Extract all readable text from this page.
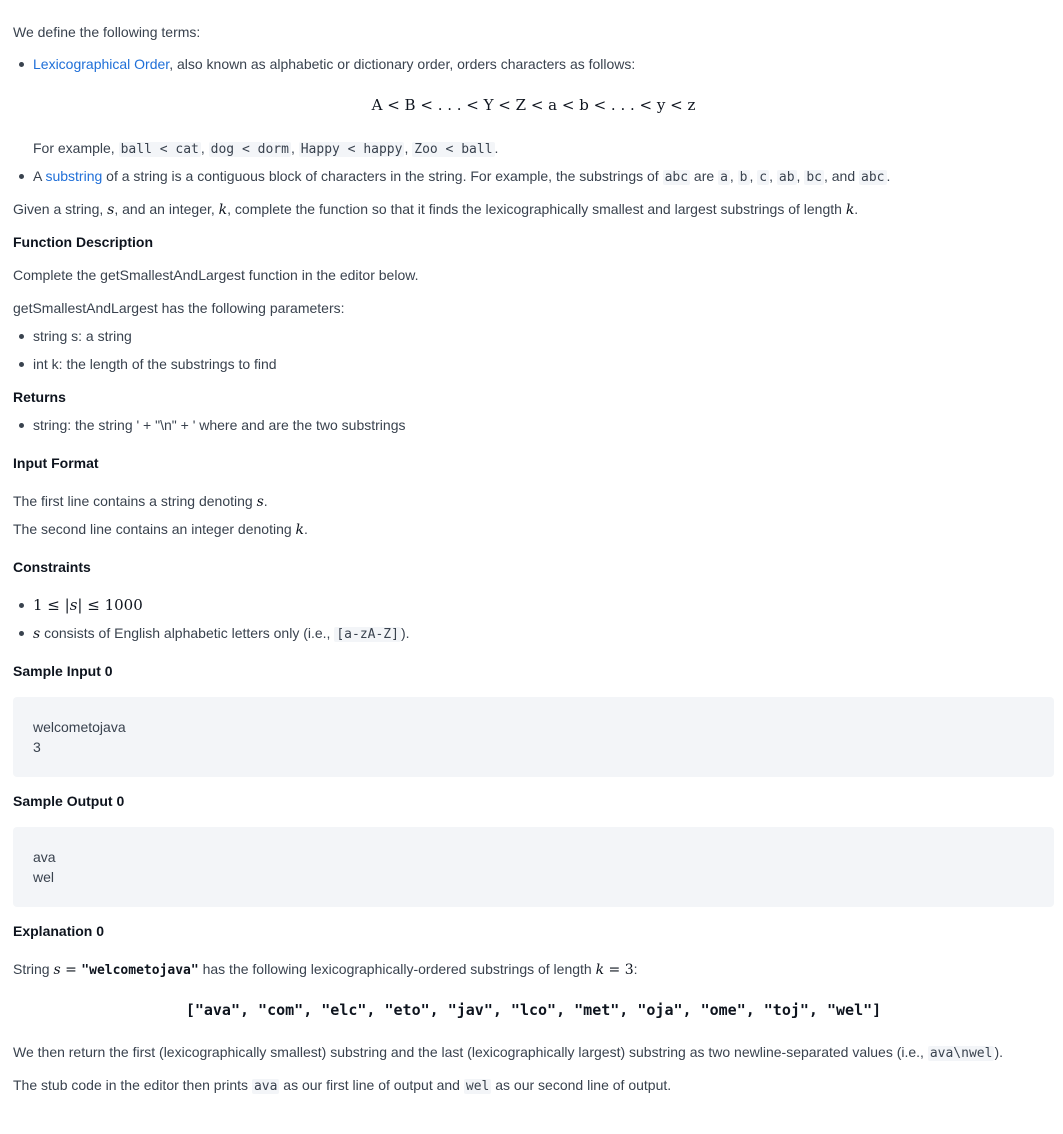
We define the following terms:
Lexicographical Order, also known as alphabetic or dictionary order, orders characters as follows:
A < B < . . . < Y < Z < a < b < . . . < y < z
For example, ball < cat , dog < dorm , Happy < happy , Zoo < ball .
A substring of a string is a contiguous block of characters in the string. For example, the substrings of abc are a , b , c , ab , bc , and abc .
Given a string, s, and an integer, k, complete the function so that it finds the lexicographically smallest and largest substrings of length k.
Function Description
Complete the getSmallestAndLargest function in the editor below.
getSmallestAndLargest has the following parameters:
string s: a string
int k: the length of the substrings to find
Returns
string: the string ' + "\n" + ' where and are the two substrings
Input Format
The first line contains a string denoting s.
The second line contains an integer denoting k.
Constraints
1 ≤ |s| ≤ 1000
s consists of English alphabetic letters only (i.e., [a-zA-Z] ).
Sample Input 0
welcometojava
3
Sample Output 0
ava
wel
Explanation 0
String s = "welcometojava" has the following lexicographically-ordered substrings of length k = 3:
["ava", "com", "elc", "eto", "jav", "lco", "met", "oja", "ome", "toj", "wel"]
We then return the first (lexicographically smallest) substring and the last (lexicographically largest) substring as two newline-separated values (i.e., ava\nwel ).
The stub code in the editor then prints ava as our first line of output and wel as our second line of output.
